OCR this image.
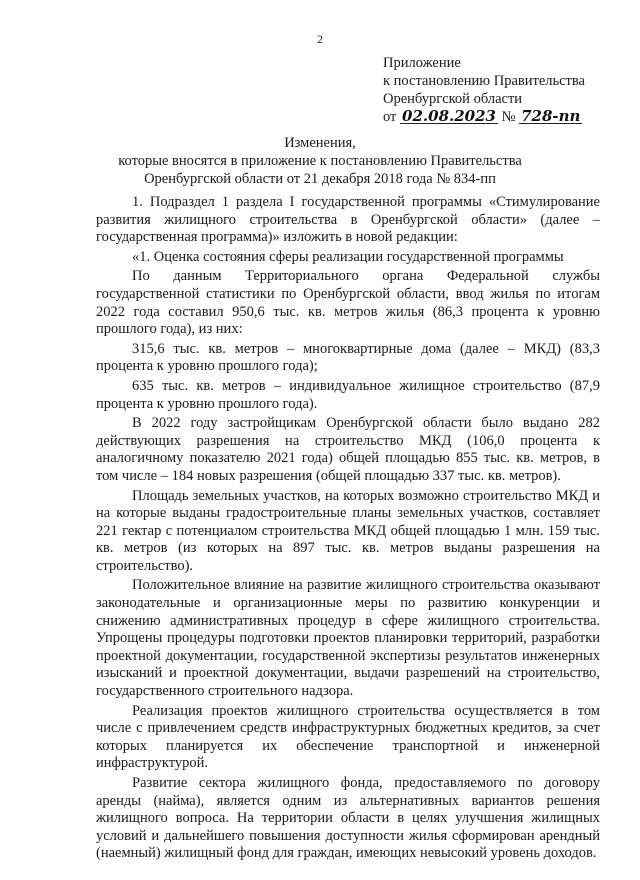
2
Приложение
к постановлению Правительства
Оренбургской области
от 02.08.2023 № 728-пп
Изменения,
которые вносятся в приложение к постановлению Правительства
Оренбургской области от 21 декабря 2018 года № 834-пп

1. Подраздел 1 раздела I государственной программы «Стимулирование развития жилищного строительства в Оренбургской области» (далее – государственная программа)» изложить в новой редакции:

«1. Оценка состояния сферы реализации государственной программы

По данным Территориального органа Федеральной службы государственной статистики по Оренбургской области, ввод жилья по итогам 2022 года составил 950,6 тыс. кв. метров жилья (86,3 процента к уровню прошлого года), из них:

315,6 тыс. кв. метров – многоквартирные дома (далее – МКД) (83,3 процента к уровню прошлого года);

635 тыс. кв. метров – индивидуальное жилищное строительство (87,9 процента к уровню прошлого года).

В 2022 году застройщикам Оренбургской области было выдано 282 действующих разрешения на строительство МКД (106,0 процента к аналогичному показателю 2021 года) общей площадью 855 тыс. кв. метров, в том числе – 184 новых разрешения (общей площадью 337 тыс. кв. метров).

Площадь земельных участков, на которых возможно строительство МКД и на которые выданы градостроительные планы земельных участков, составляет 221 гектар с потенциалом строительства МКД общей площадью 1 млн. 159 тыс. кв. метров (из которых на 897 тыс. кв. метров выданы разрешения на строительство).

Положительное влияние на развитие жилищного строительства оказывают законодательные и организационные меры по развитию конкуренции и снижению административных процедур в сфере жилищного строительства. Упрощены процедуры подготовки проектов планировки территорий, разработки проектной документации, государственной экспертизы результатов инженерных изысканий и проектной документации, выдачи разрешений на строительство, государственного строительного надзора.

Реализация проектов жилищного строительства осуществляется в том числе с привлечением средств инфраструктурных бюджетных кредитов, за счет которых планируется их обеспечение транспортной и инженерной инфраструктурой.

Развитие сектора жилищного фонда, предоставляемого по договору аренды (найма), является одним из альтернативных вариантов решения жилищного вопроса. На территории области в целях улучшения жилищных условий и дальнейшего повышения доступности жилья сформирован арендный (наемный) жилищный фонд для граждан, имеющих невысокий уровень доходов.
